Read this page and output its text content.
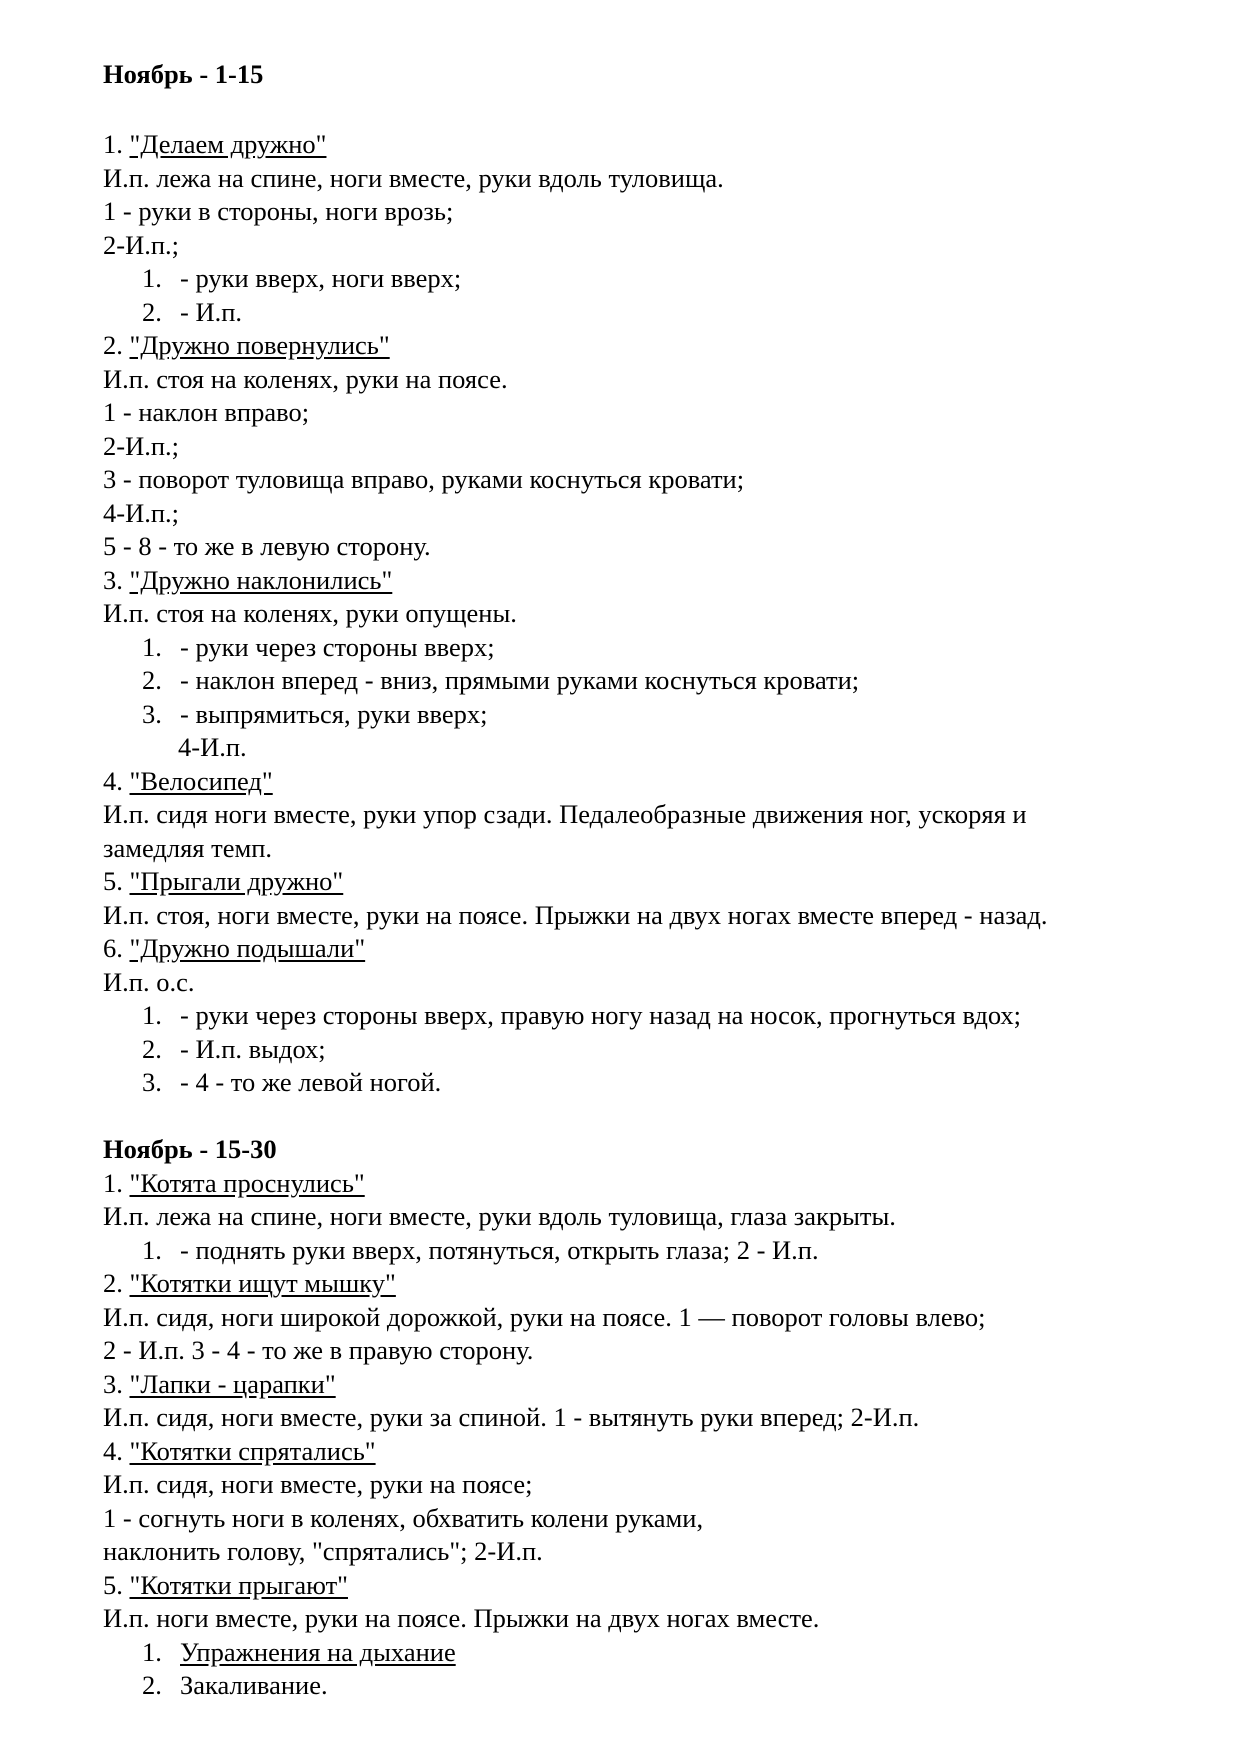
Ноябрь - 1-15
1. "Делаем дружно"
И.п. лежа на спине, ноги вместе, руки вдоль туловища.
1 - руки в стороны, ноги врозь;
2-И.п.;
1. - руки вверх, ноги вверх;
2. - И.п.
2. "Дружно повернулись"
И.п. стоя на коленях, руки на поясе.
1 - наклон вправо;
2-И.п.;
3 - поворот туловища вправо, руками коснуться кровати;
4-И.п.;
5 - 8 - то же в левую сторону.
3. "Дружно наклонились"
И.п. стоя на коленях, руки опущены.
1. - руки через стороны вверх;
2. - наклон вперед - вниз, прямыми руками коснуться кровати;
3. - выпрямиться, руки вверх;
4-И.п.
4. "Велосипед"
И.п. сидя ноги вместе, руки упор сзади. Педалеобразные движения ног, ускоряя и
замедляя темп.
5. "Прыгали дружно"
И.п. стоя, ноги вместе, руки на поясе. Прыжки на двух ногах вместе вперед - назад.
6. "Дружно подышали"
И.п. о.с.
1. - руки через стороны вверх, правую ногу назад на носок, прогнуться вдох;
2. - И.п. выдох;
3. - 4 - то же левой ногой.
Ноябрь - 15-30
1. "Котята проснулись"
И.п. лежа на спине, ноги вместе, руки вдоль туловища, глаза закрыты.
1. - поднять руки вверх, потянуться, открыть глаза; 2 - И.п.
2. "Котятки ищут мышку"
И.п. сидя, ноги широкой дорожкой, руки на поясе. 1 — поворот головы влево;
2 - И.п. 3 - 4 - то же в правую сторону.
3. "Лапки - царапки"
И.п. сидя, ноги вместе, руки за спиной. 1 - вытянуть руки вперед; 2-И.п.
4. "Котятки спрятались"
И.п. сидя, ноги вместе, руки на поясе;
1 - согнуть ноги в коленях, обхватить колени руками,
наклонить голову, "спрятались"; 2-И.п.
5. "Котятки прыгают"
И.п. ноги вместе, руки на поясе. Прыжки на двух ногах вместе.
1. Упражнения на дыхание
2. Закаливание.
